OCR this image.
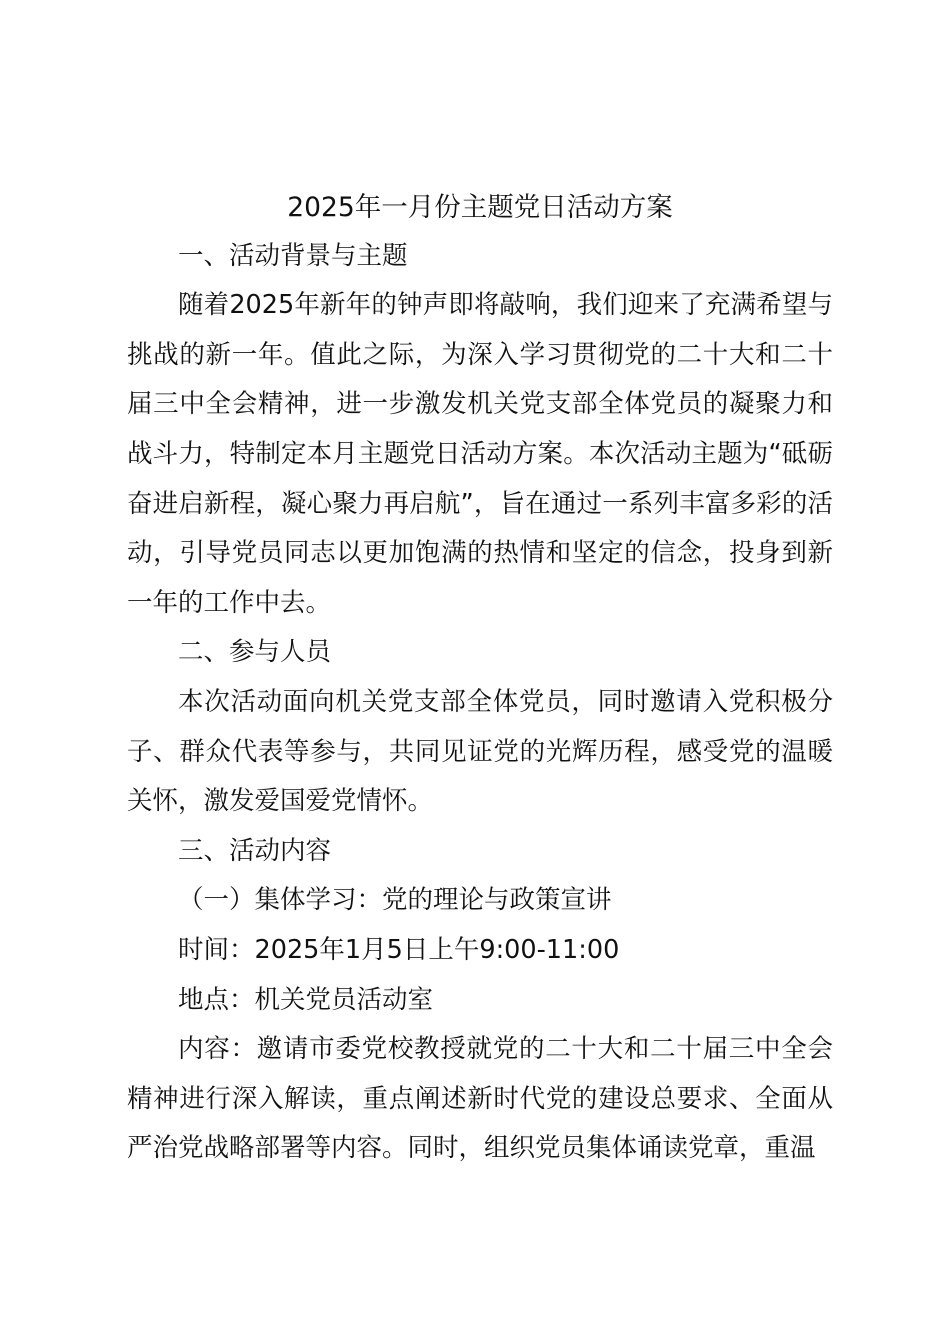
2025年一月份主题党日活动方案

一、活动背景与主题

随着2025年新年的钟声即将敲响，我们迎来了充满希望与挑战的新一年。值此之际，为深入学习贯彻党的二十大和二十届三中全会精神，进一步激发机关党支部全体党员的凝聚力和战斗力，特制定本月主题党日活动方案。本次活动主题为“砥砺奋进启新程，凝心聚力再启航”，旨在通过一系列丰富多彩的活动，引导党员同志以更加饱满的热情和坚定的信念，投身到新一年的工作中去。

二、参与人员

本次活动面向机关党支部全体党员，同时邀请入党积极分子、群众代表等参与，共同见证党的光辉历程，感受党的温暖关怀，激发爱国爱党情怀。

三、活动内容

（一）集体学习：党的理论与政策宣讲

时间：2025年1月5日上午9:00-11:00

地点：机关党员活动室

内容：邀请市委党校教授就党的二十大和二十届三中全会精神进行深入解读，重点阐述新时代党的建设总要求、全面从严治党战略部署等内容。同时，组织党员集体诵读党章，重温
